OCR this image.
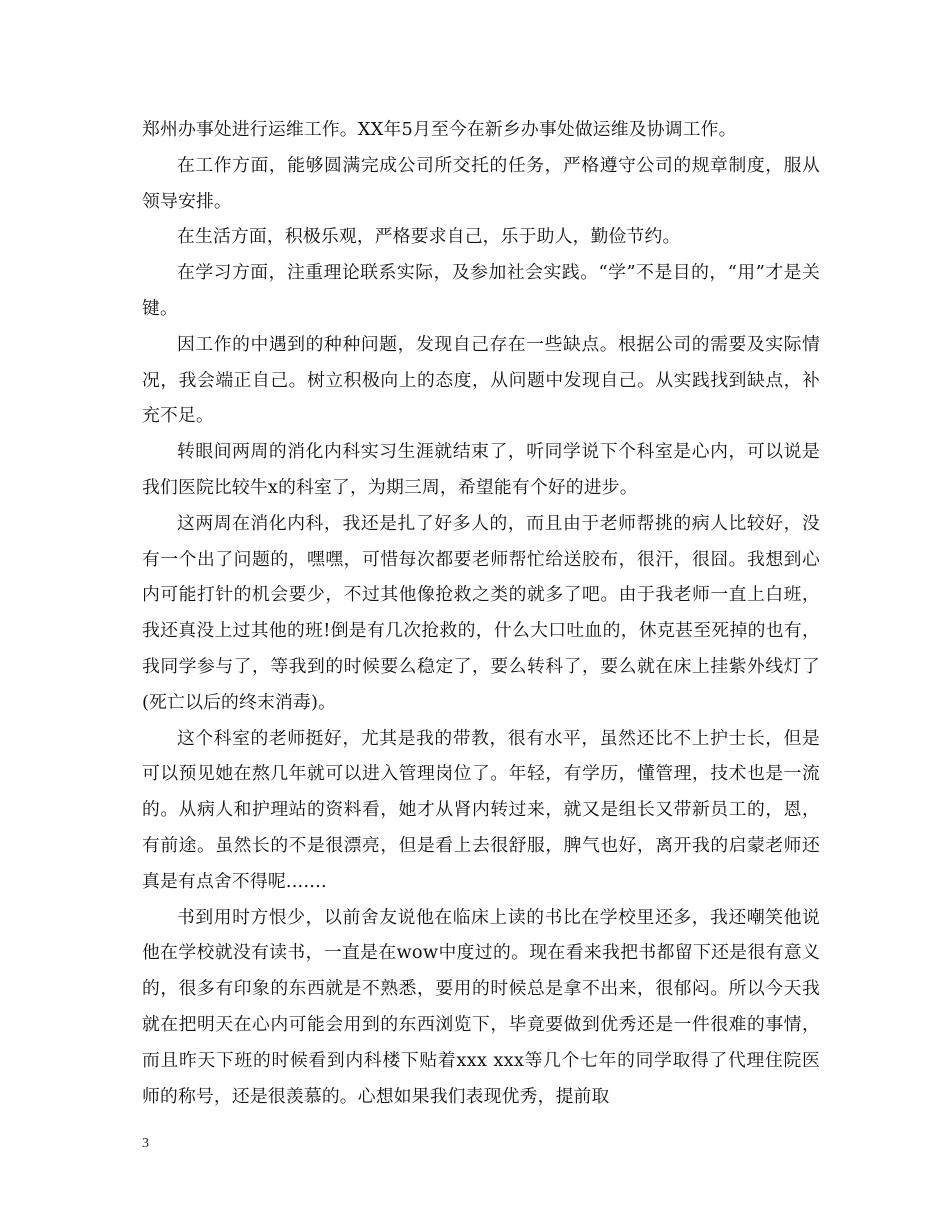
郑州办事处进行运维工作。XX年5月至今在新乡办事处做运维及协调工作。

在工作方面，能够圆满完成公司所交托的任务，严格遵守公司的规章制度，服从领导安排。

在生活方面，积极乐观，严格要求自己，乐于助人，勤俭节约。

在学习方面，注重理论联系实际，及参加社会实践。“学”不是目的，“用”才是关键。

因工作的中遇到的种种问题，发现自己存在一些缺点。根据公司的需要及实际情况，我会端正自己。树立积极向上的态度，从问题中发现自己。从实践找到缺点，补充不足。

转眼间两周的消化内科实习生涯就结束了，听同学说下个科室是心内，可以说是我们医院比较牛x的科室了，为期三周，希望能有个好的进步。

这两周在消化内科，我还是扎了好多人的，而且由于老师帮挑的病人比较好，没有一个出了问题的，嘿嘿，可惜每次都要老师帮忙给送胶布，很汗，很囧。我想到心内可能打针的机会要少，不过其他像抢救之类的就多了吧。由于我老师一直上白班，我还真没上过其他的班!倒是有几次抢救的，什么大口吐血的，休克甚至死掉的也有，我同学参与了，等我到的时候要么稳定了，要么转科了，要么就在床上挂紫外线灯了(死亡以后的终末消毒)。

这个科室的老师挺好，尤其是我的带教，很有水平，虽然还比不上护士长，但是可以预见她在熬几年就可以进入管理岗位了。年轻，有学历，懂管理，技术也是一流的。从病人和护理站的资料看，她才从肾内转过来，就又是组长又带新员工的，恩，有前途。虽然长的不是很漂亮，但是看上去很舒服，脾气也好，离开我的启蒙老师还真是有点舍不得呢.......

书到用时方恨少，以前舍友说他在临床上读的书比在学校里还多，我还嘲笑他说他在学校就没有读书，一直是在wow中度过的。现在看来我把书都留下还是很有意义的，很多有印象的东西就是不熟悉，要用的时候总是拿不出来，很郁闷。所以今天我就在把明天在心内可能会用到的东西浏览下，毕竟要做到优秀还是一件很难的事情，而且昨天下班的时候看到内科楼下贴着xxx xxx等几个七年的同学取得了代理住院医师的称号，还是很羡慕的。心想如果我们表现优秀，提前取

3
